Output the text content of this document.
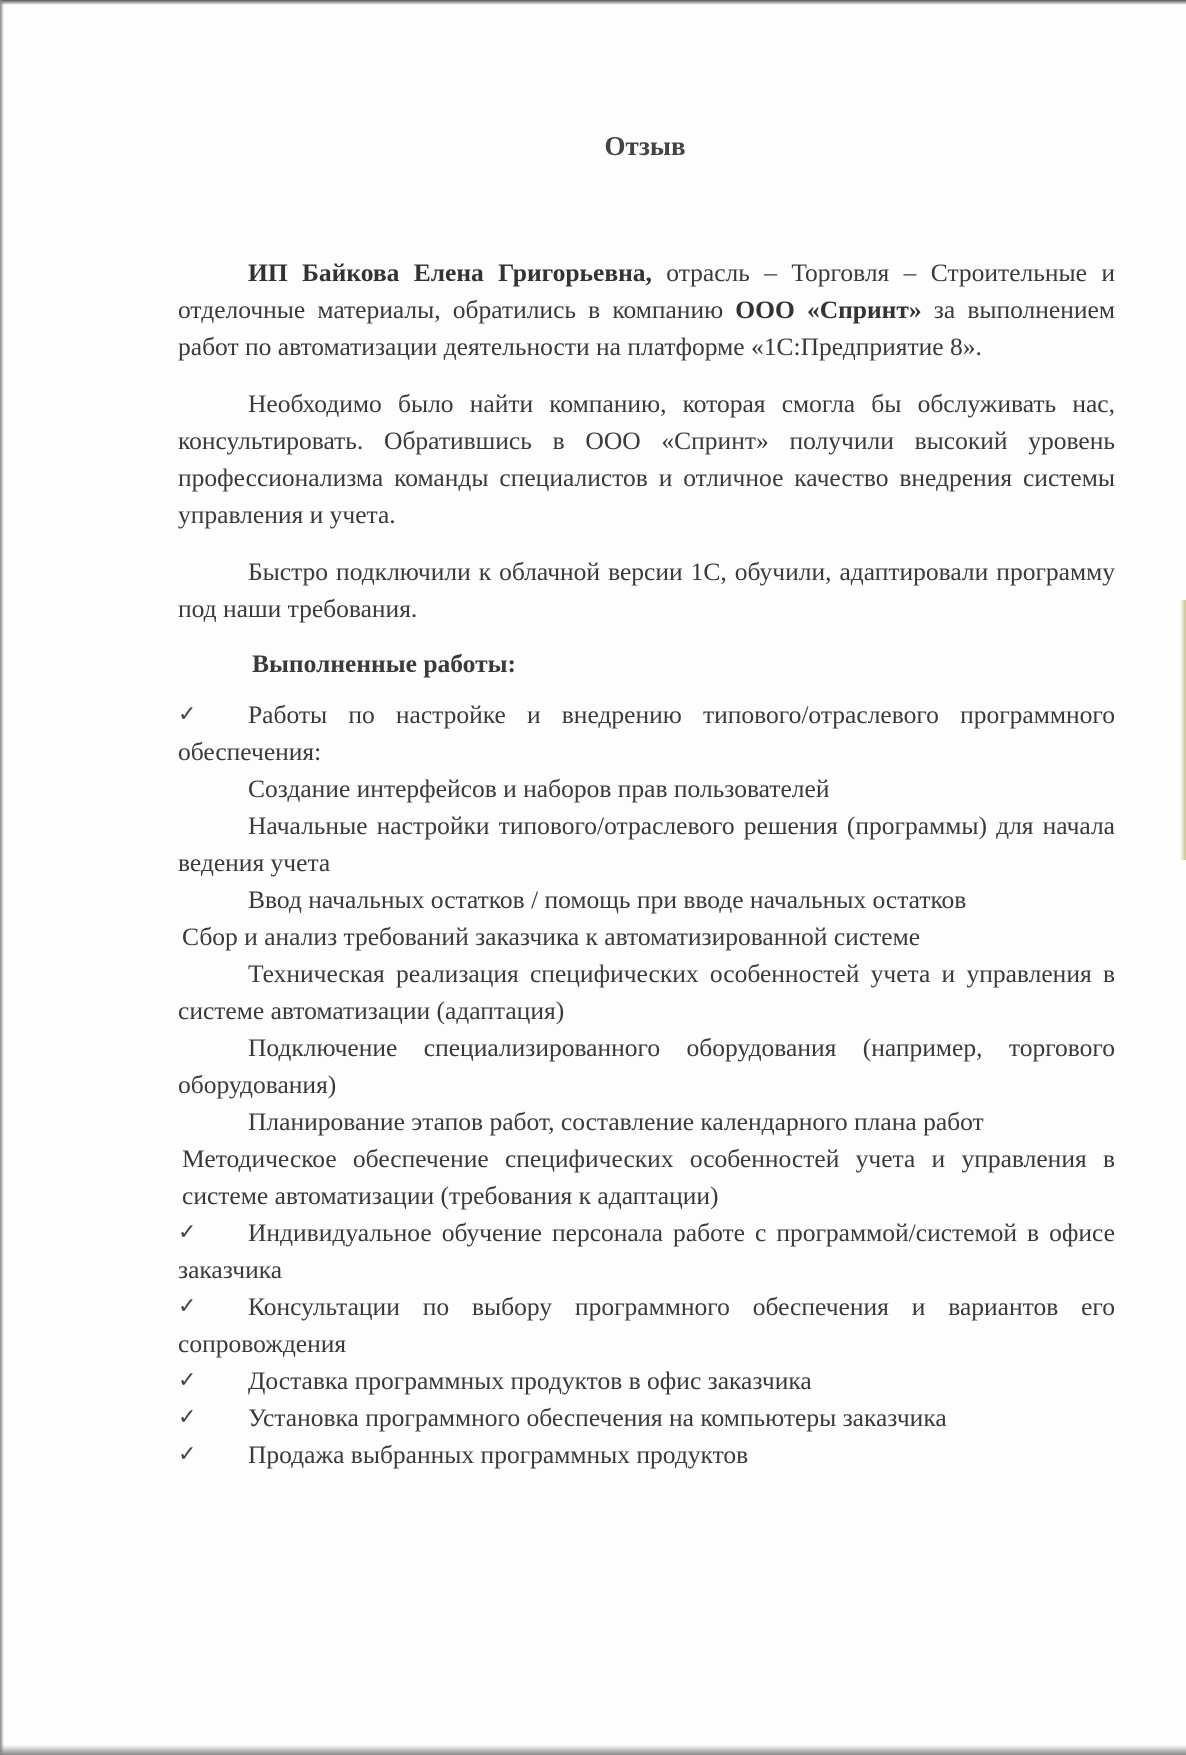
Отзыв

ИП Байкова Елена Григорьевна, отрасль – Торговля – Строительные и отделочные материалы, обратились в компанию ООО «Спринт» за выполнением работ по автоматизации деятельности на платформе «1С:Предприятие 8».

Необходимо было найти компанию, которая смогла бы обслуживать нас, консультировать. Обратившись в ООО «Спринт» получили высокий уровень профессионализма команды специалистов и отличное качество внедрения системы управления и учета.

Быстро подключили к облачной версии 1С, обучили, адаптировали программу под наши требования.

Выполненные работы:

✓ Работы по настройке и внедрению типового/отраслевого программного обеспечения:

Создание интерфейсов и наборов прав пользователей

Начальные настройки типового/отраслевого решения (программы) для начала ведения учета

Ввод начальных остатков / помощь при вводе начальных остатков

Сбор и анализ требований заказчика к автоматизированной системе

Техническая реализация специфических особенностей учета и управления в системе автоматизации (адаптация)

Подключение специализированного оборудования (например, торгового оборудования)

Планирование этапов работ, составление календарного плана работ

Методическое обеспечение специфических особенностей учета и управления в системе автоматизации (требования к адаптации)

✓ Индивидуальное обучение персонала работе с программой/системой в офисе заказчика

✓ Консультации по выбору программного обеспечения и вариантов его сопровождения

✓ Доставка программных продуктов в офис заказчика

✓ Установка программного обеспечения на компьютеры заказчика

✓ Продажа выбранных программных продуктов
